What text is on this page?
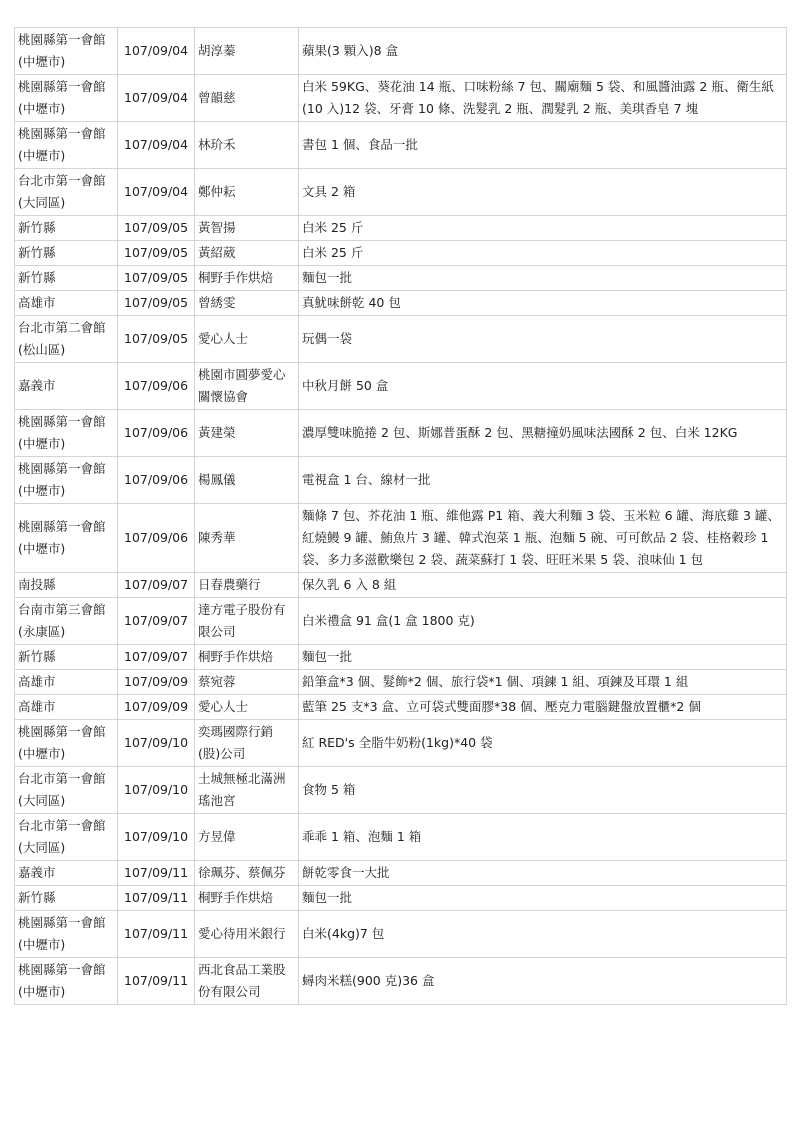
桃園縣第一會館(中壢市)	107/09/04	胡淳蓁	蘋果(3 顆入)8 盒
桃園縣第一會館(中壢市)	107/09/04	曾韻慈	白米 59KG、葵花油 14 瓶、口味粉絲 7 包、關廟麵 5 袋、和風醬油露 2 瓶、衛生紙(10 入)12 袋、牙膏 10 條、洗髮乳 2 瓶、潤髮乳 2 瓶、美琪香皂 7 塊
桃園縣第一會館(中壢市)	107/09/04	林玠禾	書包 1 個、食品一批
台北市第一會館(大同區)	107/09/04	鄭仲耘	文具 2 箱
新竹縣	107/09/05	黃智揚	白米 25 斤
新竹縣	107/09/05	黃紹葳	白米 25 斤
新竹縣	107/09/05	桐野手作烘焙	麵包一批
高雄市	107/09/05	曾綉雯	真魷味餅乾 40 包
台北市第二會館(松山區)	107/09/05	愛心人士	玩偶一袋
嘉義市	107/09/06	桃園市圓夢愛心關懷協會	中秋月餅 50 盒
桃園縣第一會館(中壢市)	107/09/06	黃建榮	濃厚雙味脆捲 2 包、斯娜普蛋酥 2 包、黑糖撞奶風味法國酥 2 包、白米 12KG
桃園縣第一會館(中壢市)	107/09/06	楊鳳儀	電視盒 1 台、線材一批
桃園縣第一會館(中壢市)	107/09/06	陳秀華	麵條 7 包、芥花油 1 瓶、維他露 P1 箱、義大利麵 3 袋、玉米粒 6 罐、海底雞 3 罐、紅燒鰻 9 罐、鮪魚片 3 罐、韓式泡菜 1 瓶、泡麵 5 碗、可可飲品 2 袋、桂格穀珍 1 袋、多力多滋歡樂包 2 袋、蔬菜蘇打 1 袋、旺旺米果 5 袋、浪味仙 1 包
南投縣	107/09/07	日春農藥行	保久乳 6 入 8 組
台南市第三會館(永康區)	107/09/07	達方電子股份有限公司	白米禮盒 91 盒(1 盒 1800 克)
新竹縣	107/09/07	桐野手作烘焙	麵包一批
高雄市	107/09/09	蔡宛蓉	鉛筆盒*3 個、髮飾*2 個、旅行袋*1 個、項鍊 1 組、項鍊及耳環 1 組
高雄市	107/09/09	愛心人士	藍筆 25 支*3 盒、立可袋式雙面膠*38 個、壓克力電腦鍵盤放置櫃*2 個
桃園縣第一會館(中壢市)	107/09/10	奕瑪國際行銷(股)公司	紅 RED's 全脂牛奶粉(1kg)*40 袋
台北市第一會館(大同區)	107/09/10	土城無極北滿洲瑤池宮	食物 5 箱
台北市第一會館(大同區)	107/09/10	方昱偉	乖乖 1 箱、泡麵 1 箱
嘉義市	107/09/11	徐珮芬、蔡佩芬	餅乾零食一大批
新竹縣	107/09/11	桐野手作烘焙	麵包一批
桃園縣第一會館(中壢市)	107/09/11	愛心待用米銀行	白米(4kg)7 包
桃園縣第一會館(中壢市)	107/09/11	西北食品工業股份有限公司	蟳肉米糕(900 克)36 盒
